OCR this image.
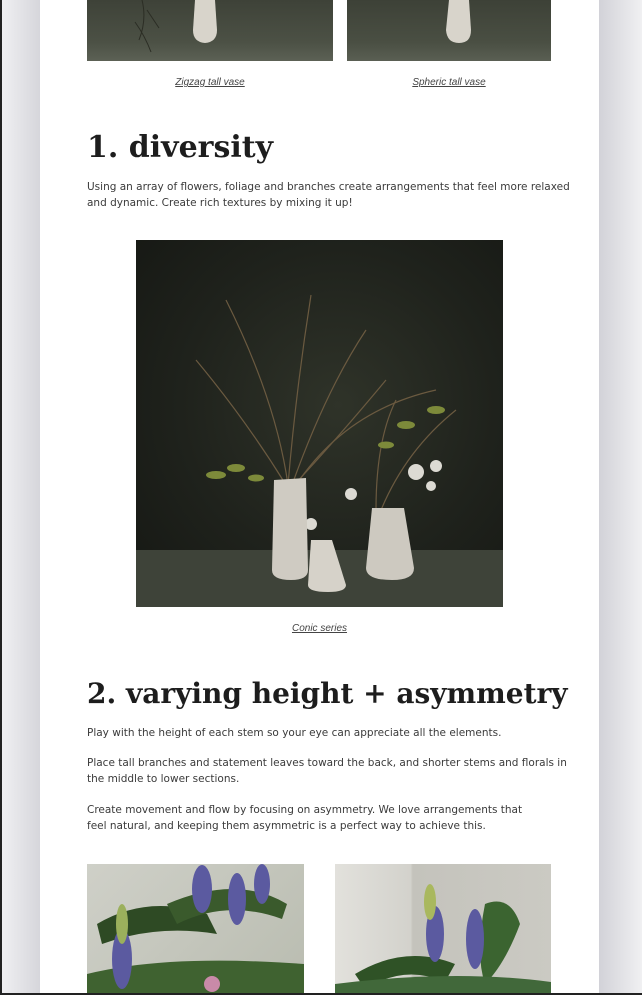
Zigzag tall vase	Spheric tall vase
1. diversity

Using an array of flowers, foliage and branches create arrangements that feel more relaxed
and dynamic. Create rich textures by mixing it up!

Conic series
2. varying height + asymmetry

Play with the height of each stem so your eye can appreciate all the elements.

Place tall branches and statement leaves toward the back, and shorter stems and florals in
the middle to lower sections.

Create movement and flow by focusing on asymmetry. We love arrangements that
feel natural, and keeping them asymmetric is a perfect way to achieve this.
